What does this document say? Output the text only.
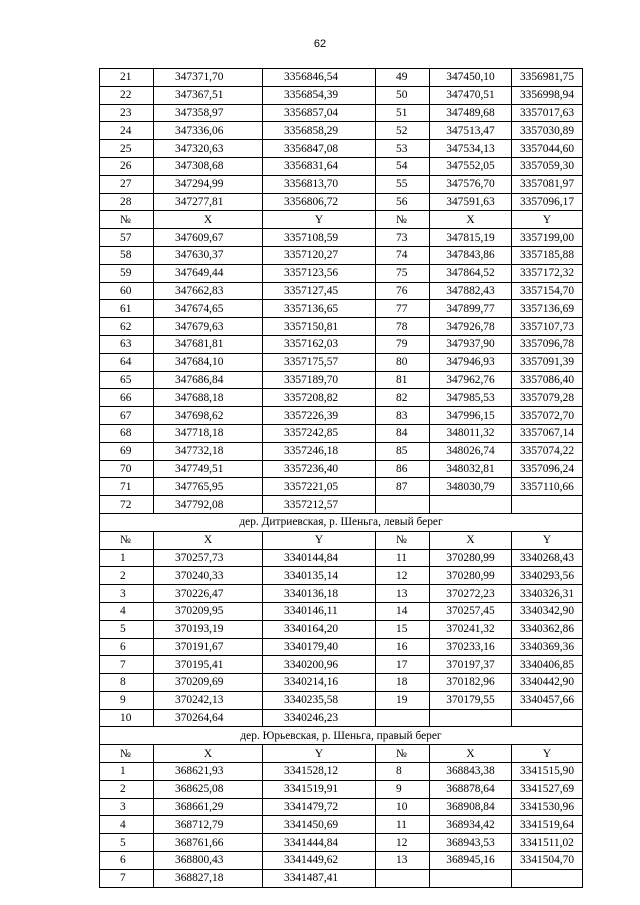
62
21	347371,70	3356846,54	49	347450,10	3356981,75
22	347367,51	3356854,39	50	347470,51	3356998,94
23	347358,97	3356857,04	51	347489,68	3357017,63
24	347336,06	3356858,29	52	347513,47	3357030,89
25	347320,63	3356847,08	53	347534,13	3357044,60
26	347308,68	3356831,64	54	347552,05	3357059,30
27	347294,99	3356813,70	55	347576,70	3357081,97
28	347277,81	3356806,72	56	347591,63	3357096,17
№	X	Y	№	X	Y
57	347609,67	3357108,59	73	347815,19	3357199,00
58	347630,37	3357120,27	74	347843,86	3357185,88
59	347649,44	3357123,56	75	347864,52	3357172,32
60	347662,83	3357127,45	76	347882,43	3357154,70
61	347674,65	3357136,65	77	347899,77	3357136,69
62	347679,63	3357150,81	78	347926,78	3357107,73
63	347681,81	3357162,03	79	347937,90	3357096,78
64	347684,10	3357175,57	80	347946,93	3357091,39
65	347686,84	3357189,70	81	347962,76	3357086,40
66	347688,18	3357208,82	82	347985,53	3357079,28
67	347698,62	3357226,39	83	347996,15	3357072,70
68	347718,18	3357242,85	84	348011,32	3357067,14
69	347732,18	3357246,18	85	348026,74	3357074,22
70	347749,51	3357236,40	86	348032,81	3357096,24
71	347765,95	3357221,05	87	348030,79	3357110,66
72	347792,08	3357212,57			
дер. Дитриевская, р. Шеньга, левый берег					
№	X	Y	№	X	Y
1	370257,73	3340144,84	11	370280,99	3340268,43
2	370240,33	3340135,14	12	370280,99	3340293,56
3	370226,47	3340136,18	13	370272,23	3340326,31
4	370209,95	3340146,11	14	370257,45	3340342,90
5	370193,19	3340164,20	15	370241,32	3340362,86
6	370191,67	3340179,40	16	370233,16	3340369,36
7	370195,41	3340200,96	17	370197,37	3340406,85
8	370209,69	3340214,16	18	370182,96	3340442,90
9	370242,13	3340235,58	19	370179,55	3340457,66
10	370264,64	3340246,23			
дер. Юрьевская, р. Шеньга, правый берег					
№	X	Y	№	X	Y
1	368621,93	3341528,12	8	368843,38	3341515,90
2	368625,08	3341519,91	9	368878,64	3341527,69
3	368661,29	3341479,72	10	368908,84	3341530,96
4	368712,79	3341450,69	11	368934,42	3341519,64
5	368761,66	3341444,84	12	368943,53	3341511,02
6	368800,43	3341449,62	13	368945,16	3341504,70
7	368827,18	3341487,41			
